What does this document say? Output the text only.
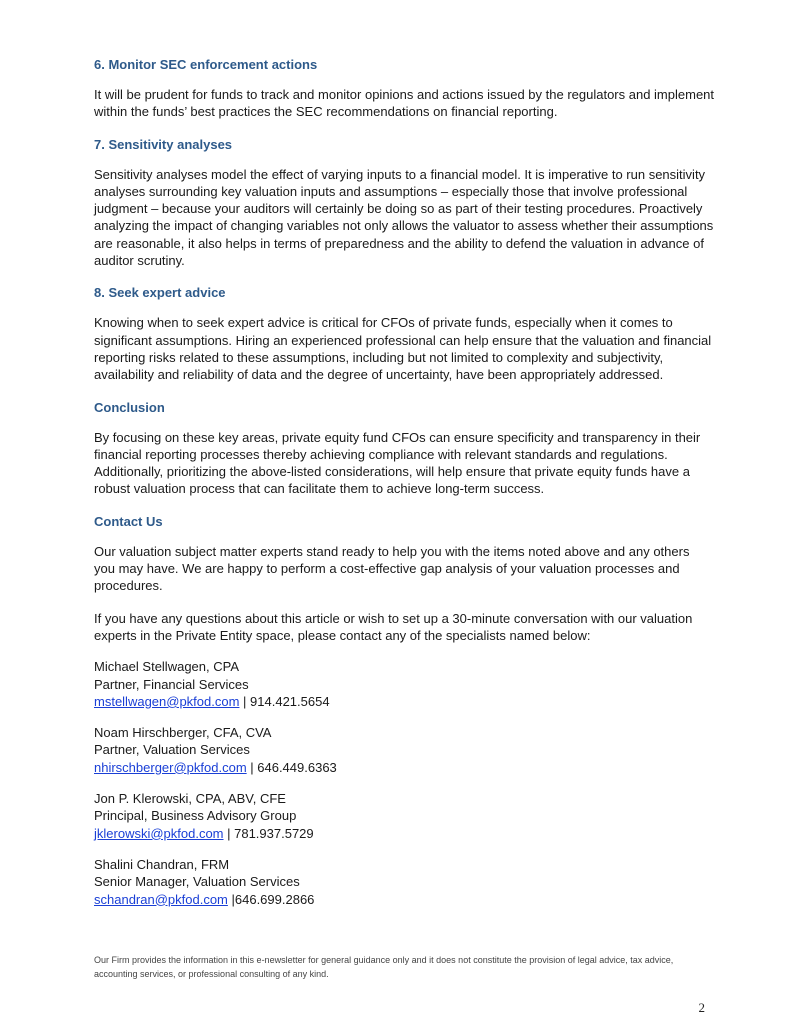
6. Monitor SEC enforcement actions

It will be prudent for funds to track and monitor opinions and actions issued by the regulators and implement within the funds’ best practices the SEC recommendations on financial reporting.

7. Sensitivity analyses

Sensitivity analyses model the effect of varying inputs to a financial model. It is imperative to run sensitivity analyses surrounding key valuation inputs and assumptions – especially those that involve professional judgment – because your auditors will certainly be doing so as part of their testing procedures. Proactively analyzing the impact of changing variables not only allows the valuator to assess whether their assumptions are reasonable, it also helps in terms of preparedness and the ability to defend the valuation in advance of auditor scrutiny.

8. Seek expert advice

Knowing when to seek expert advice is critical for CFOs of private funds, especially when it comes to significant assumptions. Hiring an experienced professional can help ensure that the valuation and financial reporting risks related to these assumptions, including but not limited to complexity and subjectivity, availability and reliability of data and the degree of uncertainty, have been appropriately addressed.

Conclusion

By focusing on these key areas, private equity fund CFOs can ensure specificity and transparency in their financial reporting processes thereby achieving compliance with relevant standards and regulations. Additionally, prioritizing the above-listed considerations, will help ensure that private equity funds have a robust valuation process that can facilitate them to achieve long-term success.

Contact Us

Our valuation subject matter experts stand ready to help you with the items noted above and any others you may have. We are happy to perform a cost-effective gap analysis of your valuation processes and procedures.

If you have any questions about this article or wish to set up a 30-minute conversation with our valuation experts in the Private Entity space, please contact any of the specialists named below:

Michael Stellwagen, CPA

Partner, Financial Services

mstellwagen@pkfod.com | 914.421.5654

Noam Hirschberger, CFA, CVA

Partner, Valuation Services

nhirschberger@pkfod.com | 646.449.6363

Jon P. Klerowski, CPA, ABV, CFE

Principal, Business Advisory Group

jklerowski@pkfod.com | 781.937.5729

Shalini Chandran, FRM

Senior Manager, Valuation Services

schandran@pkfod.com |646.699.2866

Our Firm provides the information in this e-newsletter for general guidance only and it does not constitute the provision of legal advice, tax advice, accounting services, or professional consulting of any kind.
2
